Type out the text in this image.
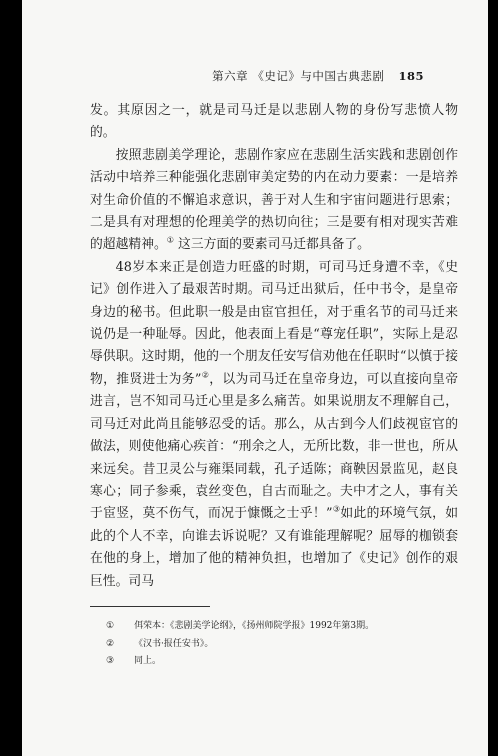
第六章 《史记》与中国古典悲剧 185

发。其原因之一，就是司马迁是以悲剧人物的身份写悲愤人物的。

按照悲剧美学理论，悲剧作家应在悲剧生活实践和悲剧创作活动中培养三种能强化悲剧审美定势的内在动力要素：一是培养对生命价值的不懈追求意识，善于对人生和宇宙问题进行思索；二是具有对理想的伦理美学的热切向往；三是要有相对现实苦难的超越精神。① 这三方面的要素司马迁都具备了。

48岁本来正是创造力旺盛的时期，可司马迁身遭不幸，《史记》创作进入了最艰苦时期。司马迁出狱后，任中书令，是皇帝身边的秘书。但此职一般是由宦官担任，对于重名节的司马迁来说仍是一种耻辱。因此，他表面上看是“尊宠任职”，实际上是忍辱供职。这时期，他的一个朋友任安写信劝他在任职时“以慎于接物，推贤进士为务”②，以为司马迁在皇帝身边，可以直接向皇帝进言，岂不知司马迁心里是多么痛苦。如果说朋友不理解自己，司马迁对此尚且能够忍受的话。那么，从古到今人们歧视宦官的做法，则使他痛心疾首：“刑余之人，无所比数，非一世也，所从来远矣。昔卫灵公与雍渠同载，孔子适陈；商鞅因景监见，赵良寒心；同子参乘，袁丝变色，自古而耻之。夫中才之人，事有关于宦竖，莫不伤气，而况于慷慨之士乎！”③如此的环境气氛，如此的个人不幸，向谁去诉说呢？又有谁能理解呢？屈辱的枷锁套在他的身上，增加了他的精神负担，也增加了《史记》创作的艰巨性。司马

①	佴荣本：《悲剧美学论纲》，《扬州师院学报》1992年第3期。
②	《汉书·报任安书》。
③	同上。
